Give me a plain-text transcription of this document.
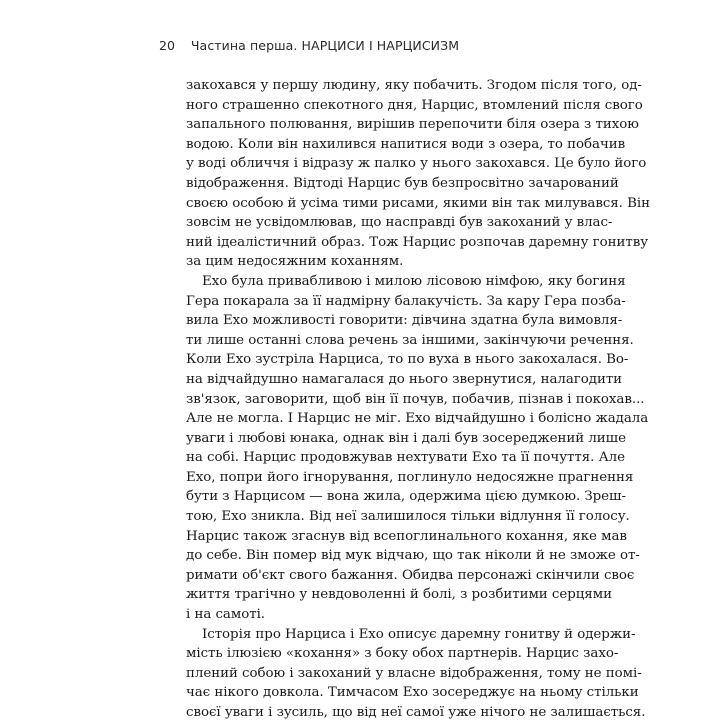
20 Частина перша. НАРЦИСИ І НАРЦИСИЗМ
закохався у першу людину, яку побачить. Згодом після того, од-
ного страшенно спекотного дня, Нарцис, втомлений після свого
запального полювання, вирішив перепочити біля озера з тихою
водою. Коли він нахилився напитися води з озера, то побачив
у воді обличчя і відразу ж палко у нього закохався. Це було його
відображення. Відтоді Нарцис був безпросвітно зачарований
своєю особою й усіма тими рисами, якими він так милувався. Він
зовсім не усвідомлював, що насправді був закоханий у влас-
ний ідеалістичний образ. Тож Нарцис розпочав даремну гонитву
за цим недосяжним коханням.
Ехо була привабливою і милою лісовою німфою, яку богиня
Гера покарала за її надмірну балакучість. За кару Гера позба-
вила Ехо можливості говорити: дівчина здатна була вимовля-
ти лише останні слова речень за іншими, закінчуючи речення.
Коли Ехо зустріла Нарциса, то по вуха в нього закохалася. Во-
на відчайдушно намагалася до нього звернутися, налагодити
зв'язок, заговорити, щоб він її почув, побачив, пізнав і покохав...
Але не могла. І Нарцис не міг. Ехо відчайдушно і болісно жадала
уваги і любові юнака, однак він і далі був зосереджений лише
на собі. Нарцис продовжував нехтувати Ехо та її почуття. Але
Ехо, попри його ігнорування, поглинуло недосяжне прагнення
бути з Нарцисом — вона жила, одержима цією думкою. Зреш-
тою, Ехо зникла. Від неї залишилося тільки відлуння її голосу.
Нарцис також згаснув від всепоглинального кохання, яке мав
до себе. Він помер від мук відчаю, що так ніколи й не зможе от-
римати об'єкт свого бажання. Обидва персонажі скінчили своє
життя трагічно у невдоволенні й болі, з розбитими серцями
і на самоті.
Історія про Нарциса і Ехо описує даремну гонитву й одержи-
мість ілюзією «кохання» з боку обох партнерів. Нарцис захо-
плений собою і закоханий у власне відображення, тому не помі-
чає нікого довкола. Тимчасом Ехо зосереджує на ньому стільки
своєї уваги і зусиль, що від неї самої уже нічого не залишається.
